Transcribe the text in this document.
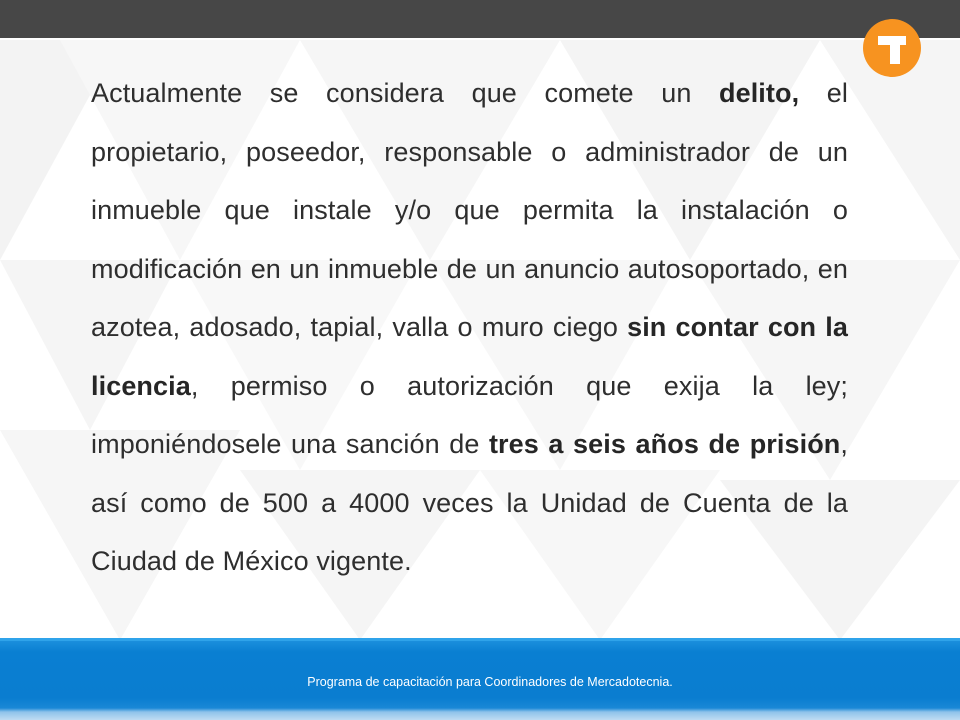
Actualmente se considera que comete un delito, el propietario, poseedor, responsable o administrador de un inmueble que instale y/o que permita la instalación o modificación en un inmueble de un anuncio autosoportado, en azotea, adosado, tapial, valla o muro ciego sin contar con la licencia, permiso o autorización que exija la ley; imponiéndosele una sanción de tres a seis años de prisión, así como de 500 a 4000 veces la Unidad de Cuenta de la Ciudad de México vigente.

Programa de capacitación para Coordinadores de Mercadotecnia.
